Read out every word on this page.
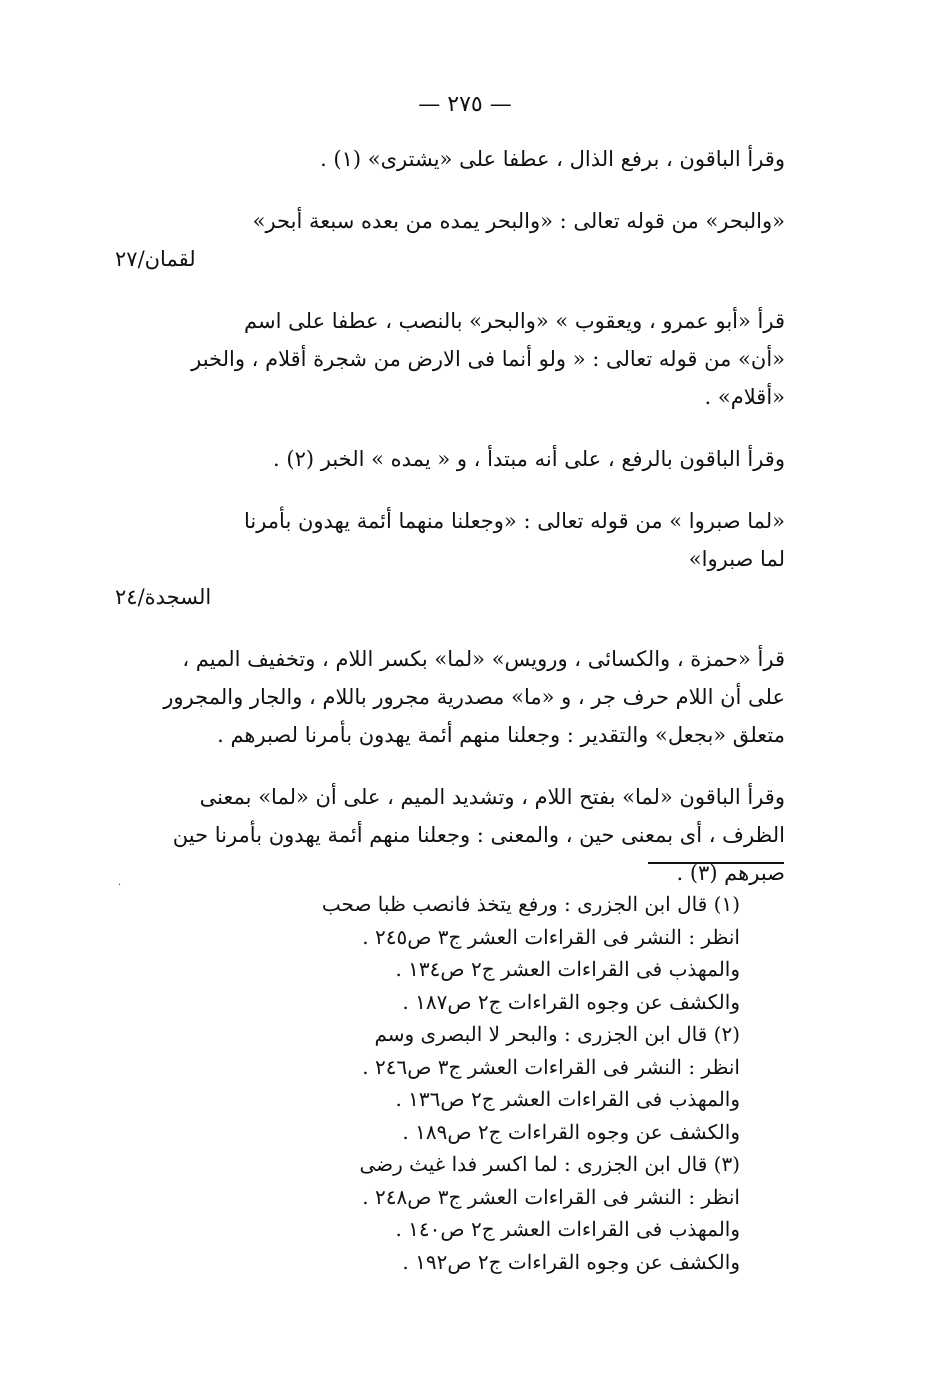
— ٢٧٥ —

وقرأ الباقون ، برفع الذال ، عطفا على «يشترى» (١) .

«والبحر» من قوله تعالى : «والبحر يمده من بعده سبعة أبحر»
لقمان/٢٧

قرأ «أبو عمرو ، ويعقوب » «والبحر» بالنصب ، عطفا على اسم
«أن» من قوله تعالى : « ولو أنما فى الارض من شجرة أقلام ، والخبر
«أقلام» .

وقرأ الباقون بالرفع ، على أنه مبتدأ ، و « يمده » الخبر (٢) .

«لما صبروا » من قوله تعالى : «وجعلنا منهما أئمة يهدون بأمرنا
لما صبروا»
السجدة/٢٤

قرأ «حمزة ، والكسائى ، ورويس» «لما» بكسر اللام ، وتخفيف الميم ،
على أن اللام حرف جر ، و «ما» مصدرية مجرور باللام ، والجار والمجرور
متعلق «بجعل» والتقدير : وجعلنا منهم أئمة يهدون بأمرنا لصبرهم .

وقرأ الباقون «لما» بفتح اللام ، وتشديد الميم ، على أن «لما» بمعنى
الظرف ، أى بمعنى حين ، والمعنى : وجعلنا منهم أئمة يهدون بأمرنا حين
صبرهم (٣) .

·
(١) قال ابن الجزرى : ورفع يتخذ فانصب ظبا صحب
انظر : النشر فى القراءات العشر ج٣ ص٢٤٥ .
والمهذب فى القراءات العشر ج٢ ص١٣٤ .
والكشف عن وجوه القراءات ج٢ ص١٨٧ .
(٢) قال ابن الجزرى : والبحر لا البصرى وسم
انظر : النشر فى القراءات العشر ج٣ ص٢٤٦ .
والمهذب فى القراءات العشر ج٢ ص١٣٦ .
والكشف عن وجوه القراءات ج٢ ص١٨٩ .
(٣) قال ابن الجزرى : لما اكسر فدا غيث رضى
انظر : النشر فى القراءات العشر ج٣ ص٢٤٨ .
والمهذب فى القراءات العشر ج٢ ص١٤٠ .
والكشف عن وجوه القراءات ج٢ ص١٩٢ .
